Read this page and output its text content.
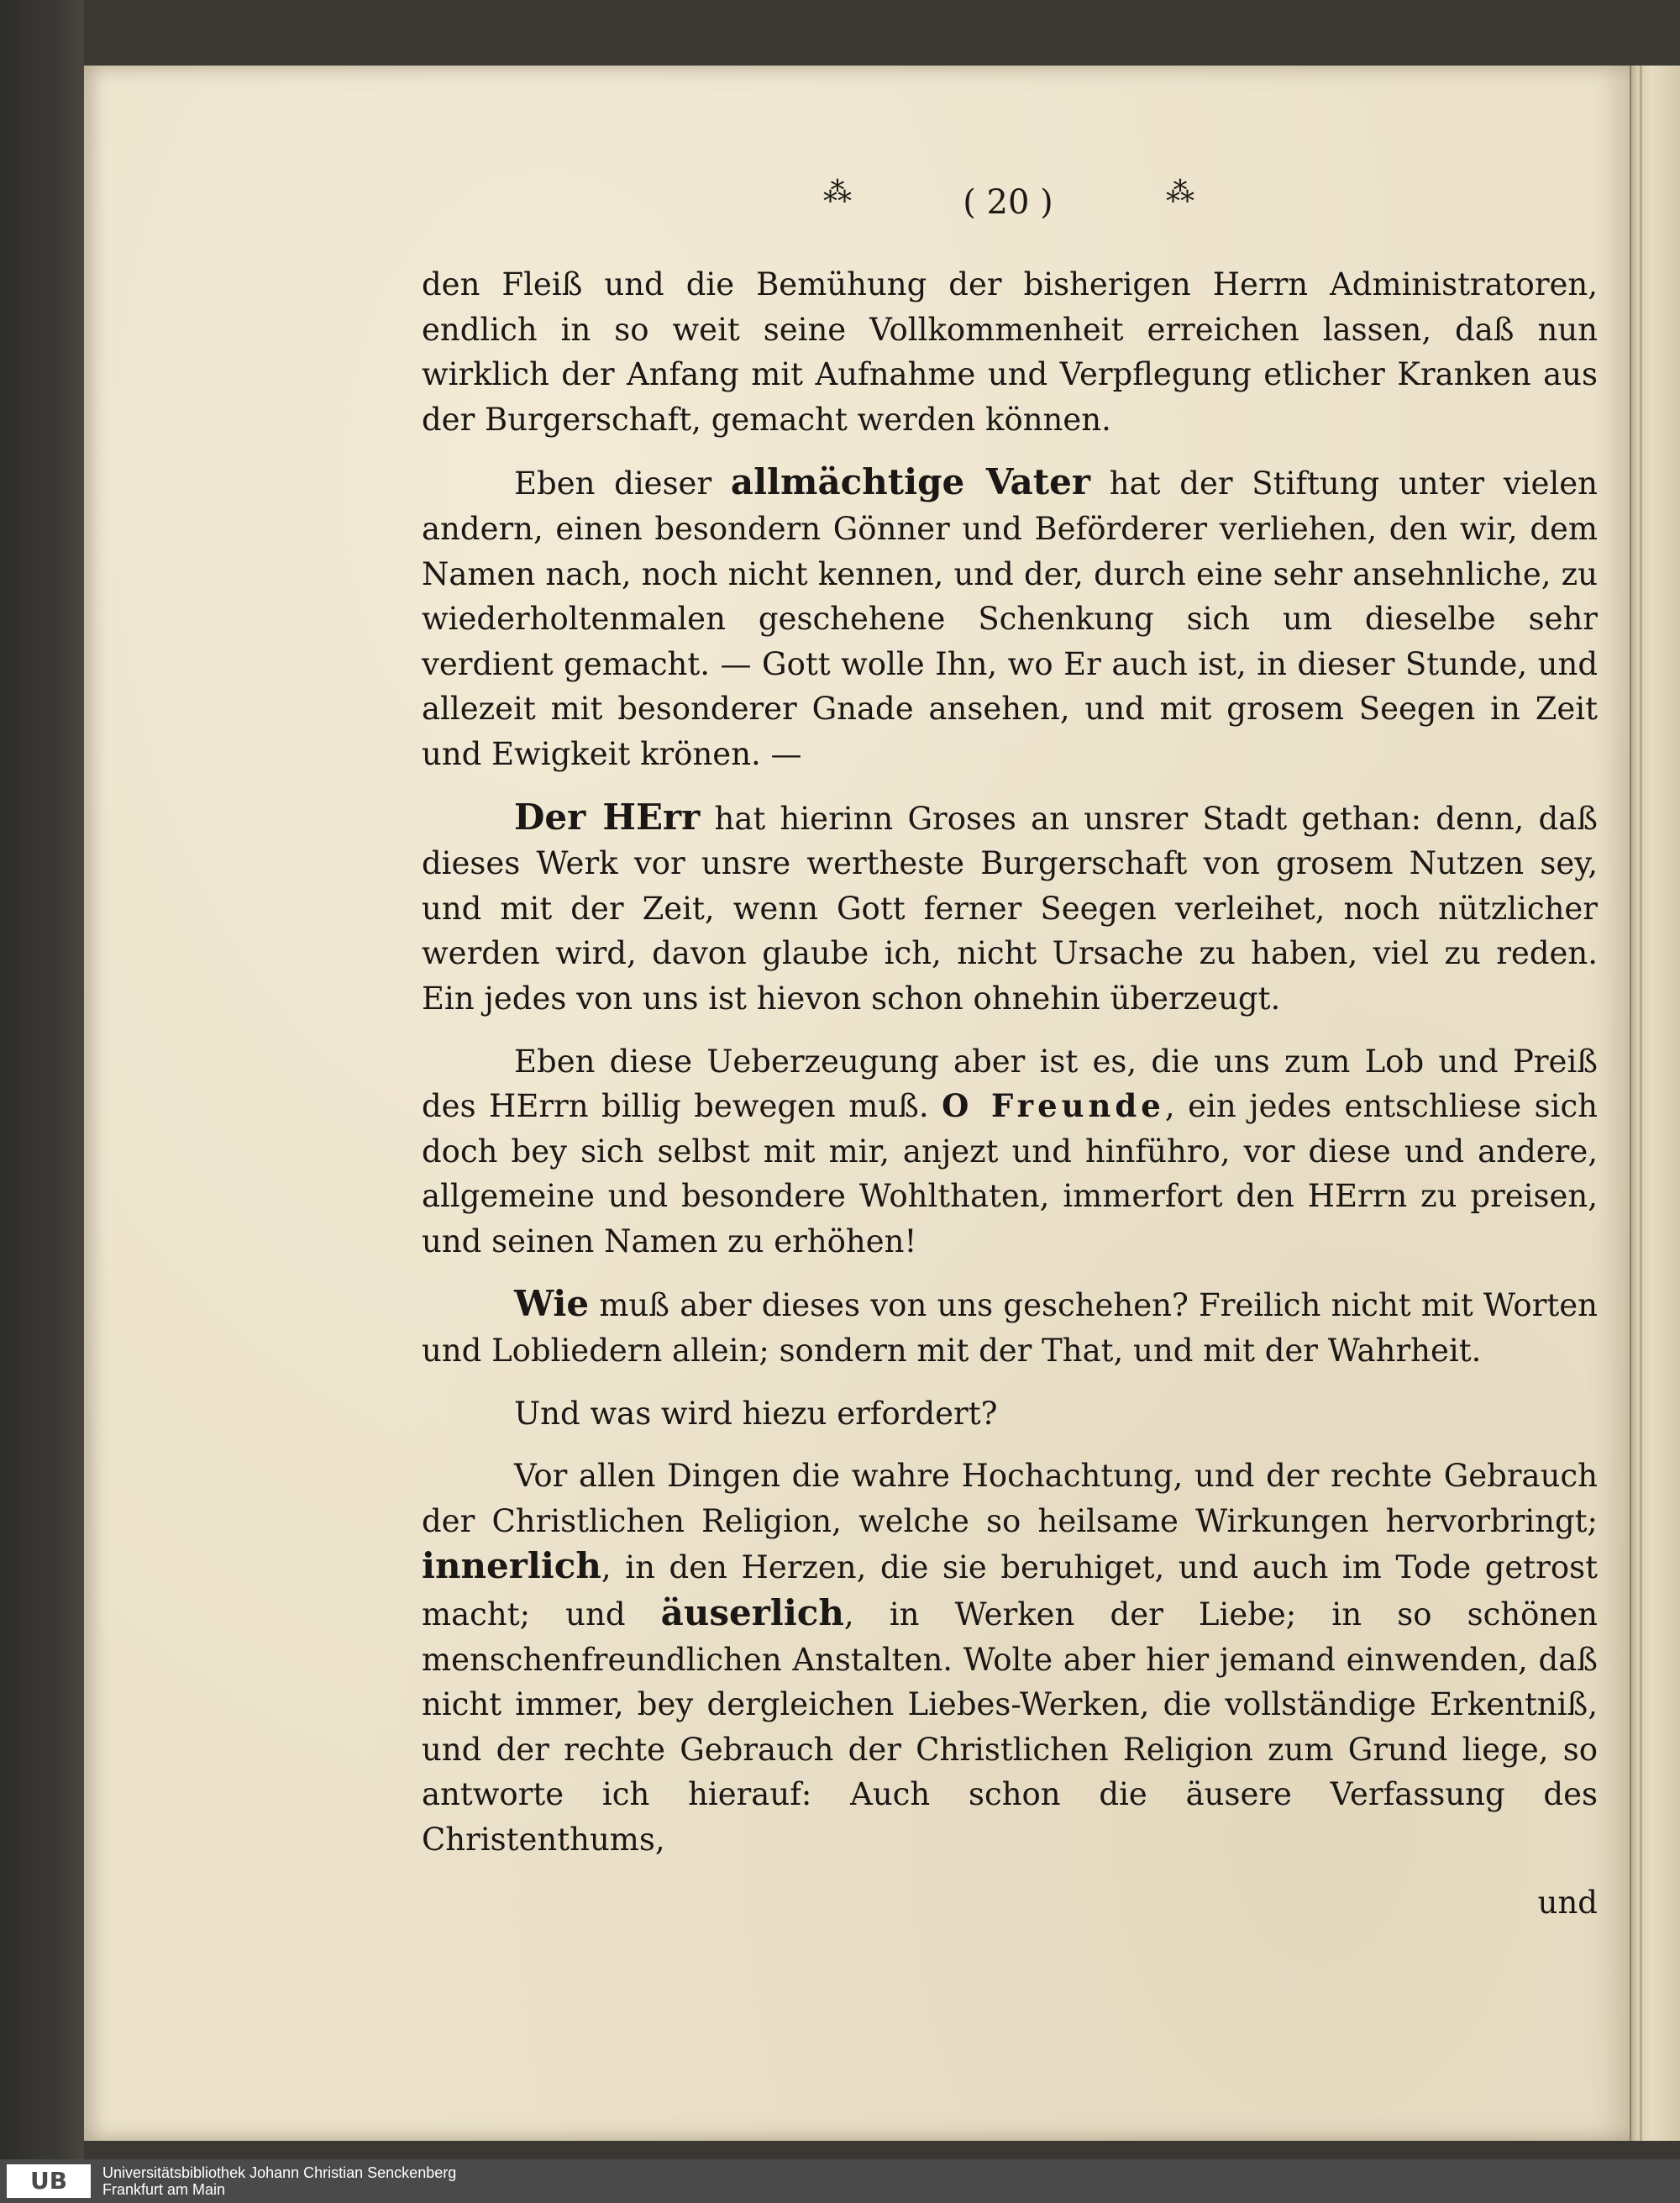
⁂	( 20 )	⁂

den Fleiß und die Bemühung der bisherigen Herrn Administratoren, endlich in so weit seine Vollkommenheit erreichen lassen, daß nun wirklich der Anfang mit Aufnahme und Verpflegung etlicher Kranken aus der Burgerschaft, gemacht werden können.

Eben dieser allmächtige Vater hat der Stiftung unter vielen andern, einen besondern Gönner und Beförderer verliehen, den wir, dem Namen nach, noch nicht kennen, und der, durch eine sehr ansehnliche, zu wiederholtenmalen geschehene Schenkung sich um dieselbe sehr verdient gemacht. — Gott wolle Ihn, wo Er auch ist, in dieser Stunde, und allezeit mit besonderer Gnade ansehen, und mit grosem Seegen in Zeit und Ewigkeit krönen. —

Der HErr hat hierinn Groses an unsrer Stadt gethan: denn, daß dieses Werk vor unsre wertheste Burgerschaft von grosem Nutzen sey, und mit der Zeit, wenn Gott ferner Seegen verleihet, noch nützlicher werden wird, davon glaube ich, nicht Ursache zu haben, viel zu reden. Ein jedes von uns ist hievon schon ohnehin überzeugt.

Eben diese Ueberzeugung aber ist es, die uns zum Lob und Preiß des HErrn billig bewegen muß. O Freunde, ein jedes entschliese sich doch bey sich selbst mit mir, anjezt und hinführo, vor diese und andere, allgemeine und besondere Wohlthaten, immerfort den HErrn zu preisen, und seinen Namen zu erhöhen!

Wie muß aber dieses von uns geschehen? Freilich nicht mit Worten und Lobliedern allein; sondern mit der That, und mit der Wahrheit.

Und was wird hiezu erfordert?

Vor allen Dingen die wahre Hochachtung, und der rechte Gebrauch der Christlichen Religion, welche so heilsame Wirkungen hervorbringt; innerlich, in den Herzen, die sie beruhiget, und auch im Tode getrost macht; und äuserlich, in Werken der Liebe; in so schönen menschenfreundlichen Anstalten. Wolte aber hier jemand einwenden, daß nicht immer, bey dergleichen Liebes-Werken, die vollständige Erkentniß, und der rechte Gebrauch der Christlichen Religion zum Grund liege, so antworte ich hierauf: Auch schon die äusere Verfassung des Christenthums,

und

UB	Universitätsbibliothek Johann Christian Senckenberg
Frankfurt am Main
